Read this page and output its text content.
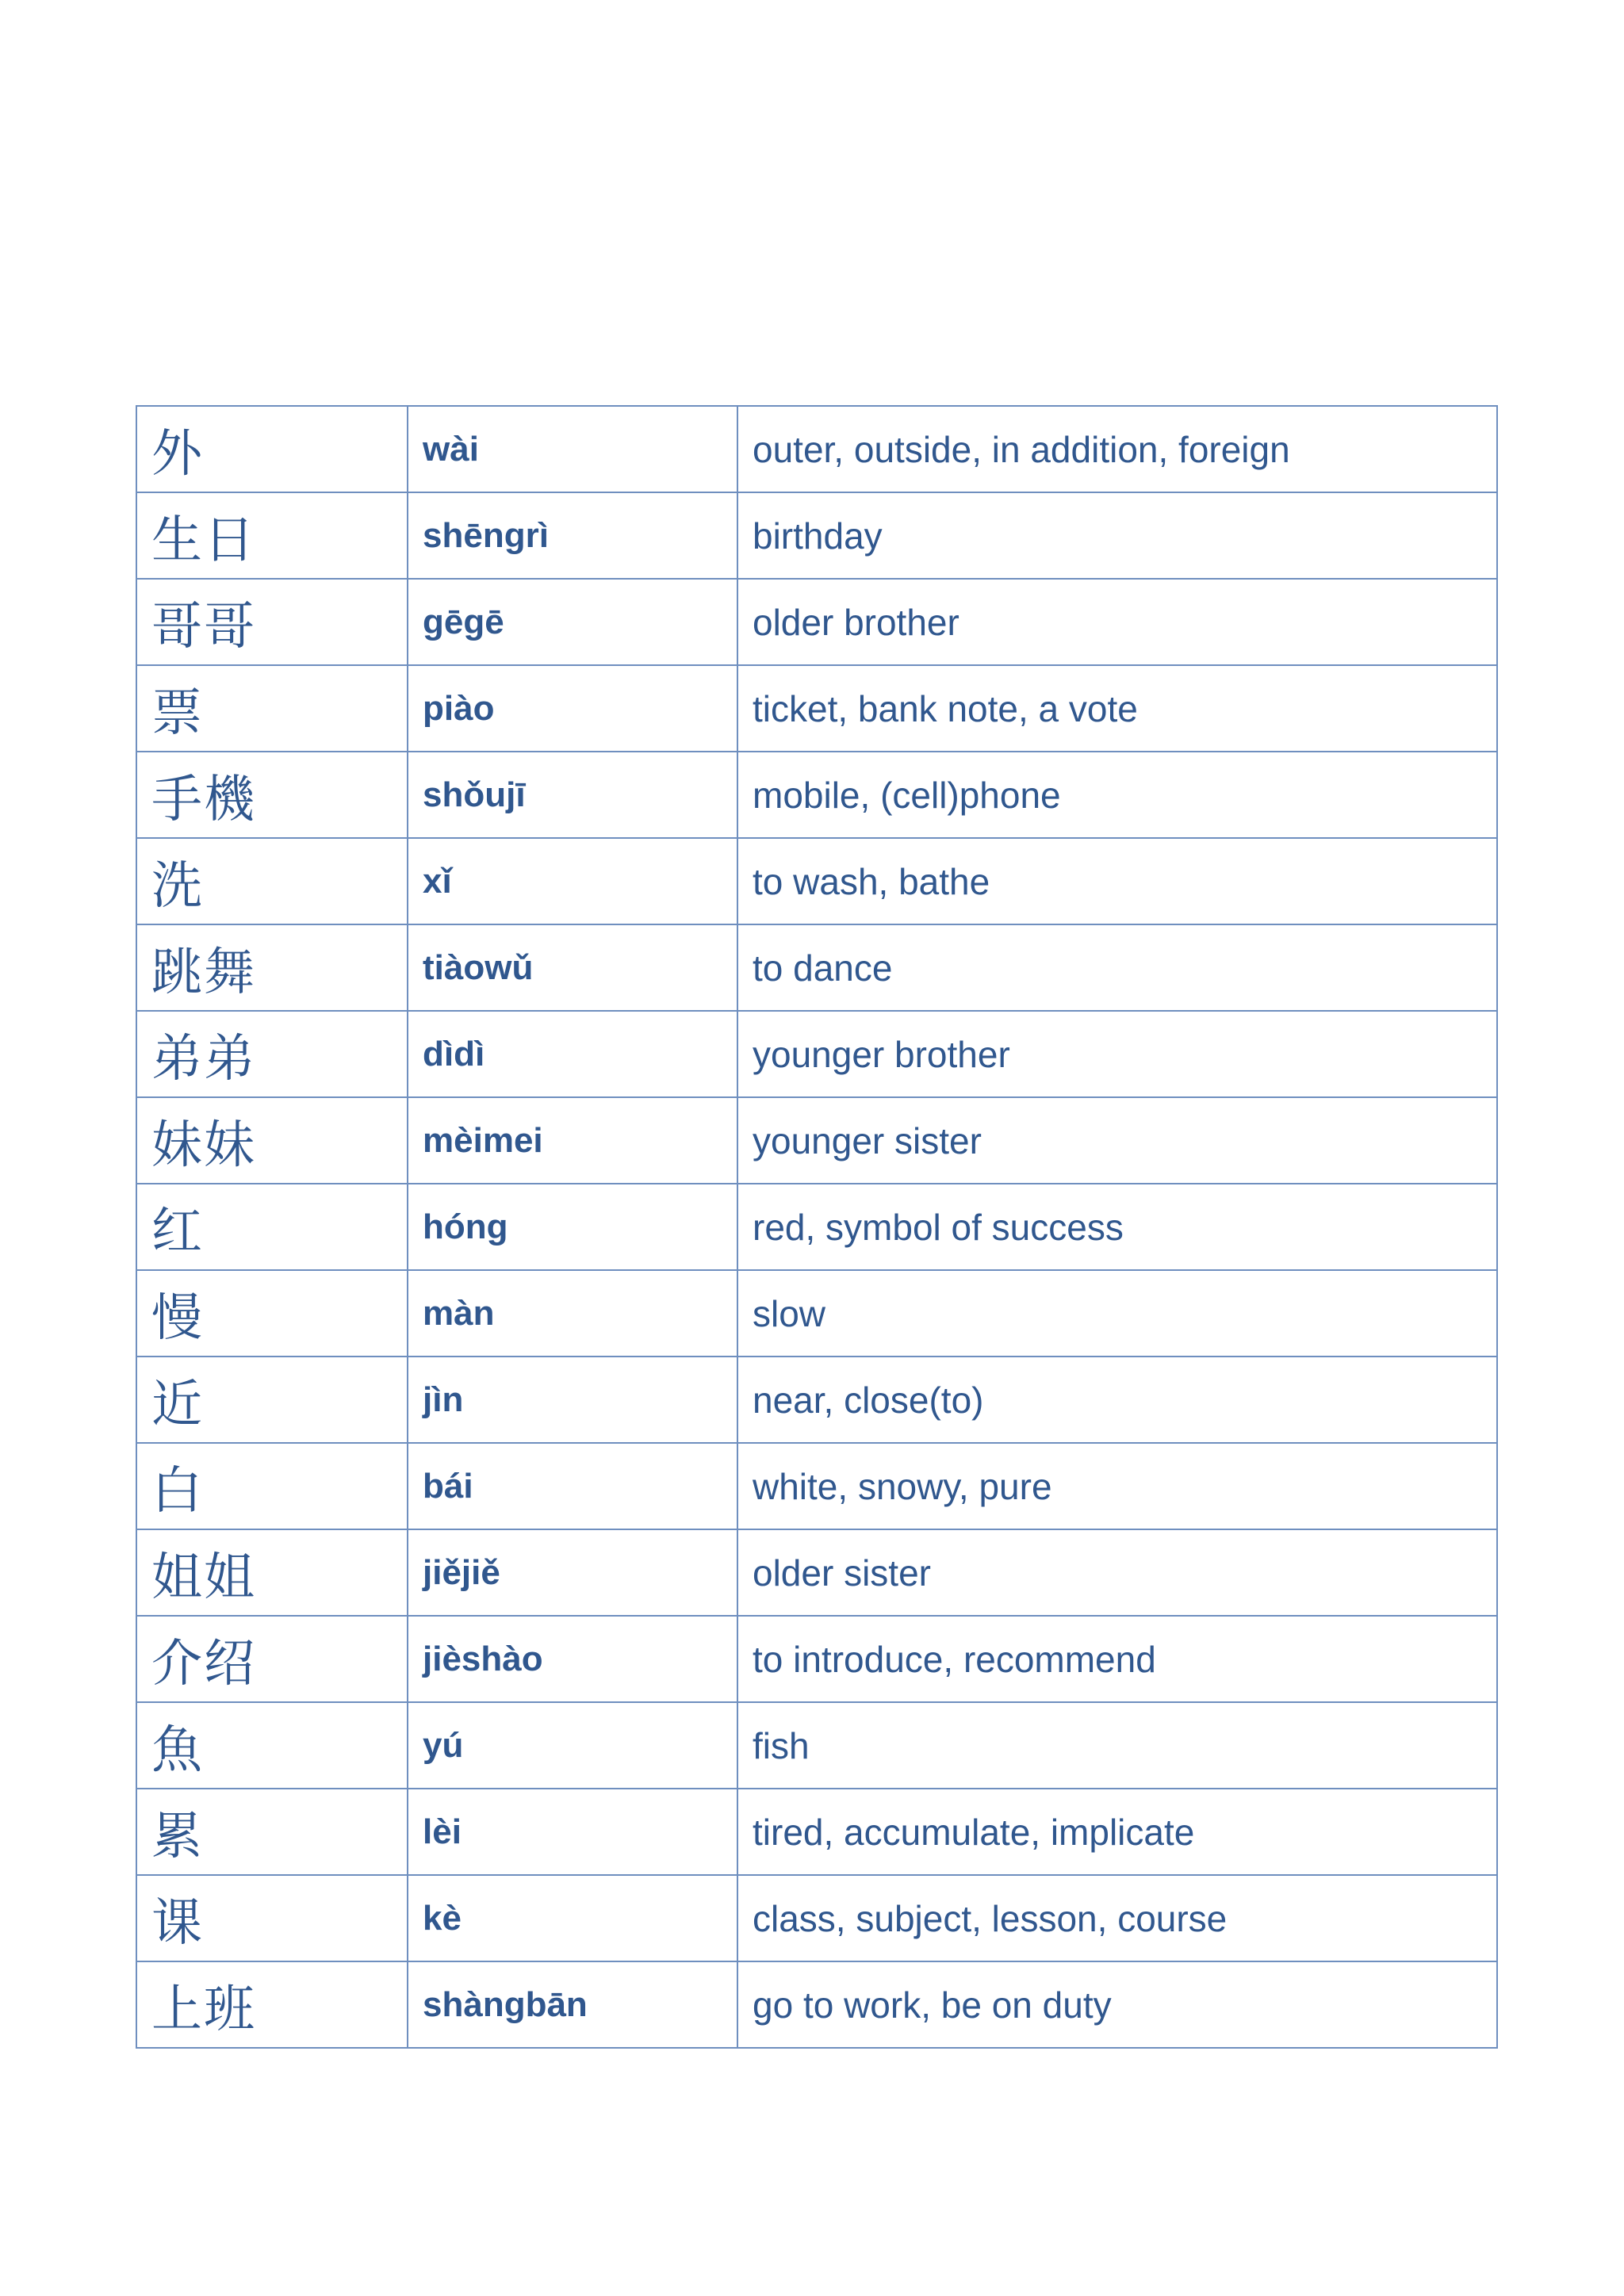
外	wài	outer, outside, in addition, foreign
生日	shēngrì	birthday
哥哥	gēgē	older brother
票	piào	ticket, bank note, a vote
手機	shǒujī	mobile, (cell)phone
洗	xǐ	to wash, bathe
跳舞	tiàowǔ	to dance
弟弟	dìdì	younger brother
妹妹	mèimei	younger sister
红	hóng	red, symbol of success
慢	màn	slow
近	jìn	near, close(to)
白	bái	white, snowy, pure
姐姐	jiějiě	older sister
介绍	jièshào	to introduce, recommend
魚	yú	fish
累	lèi	tired, accumulate, implicate
课	kè	class, subject, lesson, course
上班	shàngbān	go to work, be on duty
